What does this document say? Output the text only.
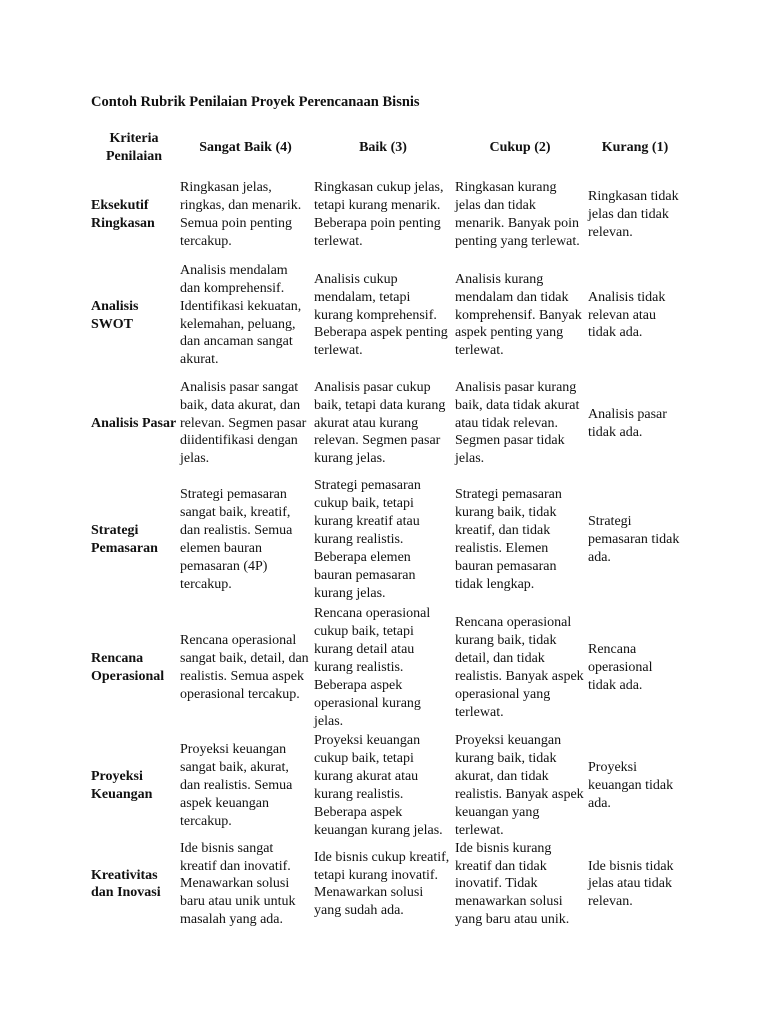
Contoh Rubrik Penilaian Proyek Perencanaan Bisnis
Kriteria Penilaian	Sangat Baik (4)	Baik (3)	Cukup (2)	Kurang (1)
Eksekutif Ringkasan	Ringkasan jelas, ringkas, dan menarik. Semua poin penting tercakup.	Ringkasan cukup jelas, tetapi kurang menarik. Beberapa poin penting terlewat.	Ringkasan kurang jelas dan tidak menarik. Banyak poin penting yang terlewat.	Ringkasan tidak jelas dan tidak relevan.
Analisis SWOT	Analisis mendalam dan komprehensif. Identifikasi kekuatan, kelemahan, peluang, dan ancaman sangat akurat.	Analisis cukup mendalam, tetapi kurang komprehensif. Beberapa aspek penting terlewat.	Analisis kurang mendalam dan tidak komprehensif. Banyak aspek penting yang terlewat.	Analisis tidak relevan atau tidak ada.
Analisis Pasar	Analisis pasar sangat baik, data akurat, dan relevan. Segmen pasar diidentifikasi dengan jelas.	Analisis pasar cukup baik, tetapi data kurang akurat atau kurang relevan. Segmen pasar kurang jelas.	Analisis pasar kurang baik, data tidak akurat atau tidak relevan. Segmen pasar tidak jelas.	Analisis pasar tidak ada.
Strategi Pemasaran	Strategi pemasaran sangat baik, kreatif, dan realistis. Semua elemen bauran pemasaran (4P) tercakup.	Strategi pemasaran cukup baik, tetapi kurang kreatif atau kurang realistis. Beberapa elemen bauran pemasaran kurang jelas.	Strategi pemasaran kurang baik, tidak kreatif, dan tidak realistis. Elemen bauran pemasaran tidak lengkap.	Strategi pemasaran tidak ada.
Rencana Operasional	Rencana operasional sangat baik, detail, dan realistis. Semua aspek operasional tercakup.	Rencana operasional cukup baik, tetapi kurang detail atau kurang realistis. Beberapa aspek operasional kurang jelas.	Rencana operasional kurang baik, tidak detail, dan tidak realistis. Banyak aspek operasional yang terlewat.	Rencana operasional tidak ada.
Proyeksi Keuangan	Proyeksi keuangan sangat baik, akurat, dan realistis. Semua aspek keuangan tercakup.	Proyeksi keuangan cukup baik, tetapi kurang akurat atau kurang realistis. Beberapa aspek keuangan kurang jelas.	Proyeksi keuangan kurang baik, tidak akurat, dan tidak realistis. Banyak aspek keuangan yang terlewat.	Proyeksi keuangan tidak ada.
Kreativitas dan Inovasi	Ide bisnis sangat kreatif dan inovatif. Menawarkan solusi baru atau unik untuk masalah yang ada.	Ide bisnis cukup kreatif, tetapi kurang inovatif. Menawarkan solusi yang sudah ada.	Ide bisnis kurang kreatif dan tidak inovatif. Tidak menawarkan solusi yang baru atau unik.	Ide bisnis tidak jelas atau tidak relevan.
